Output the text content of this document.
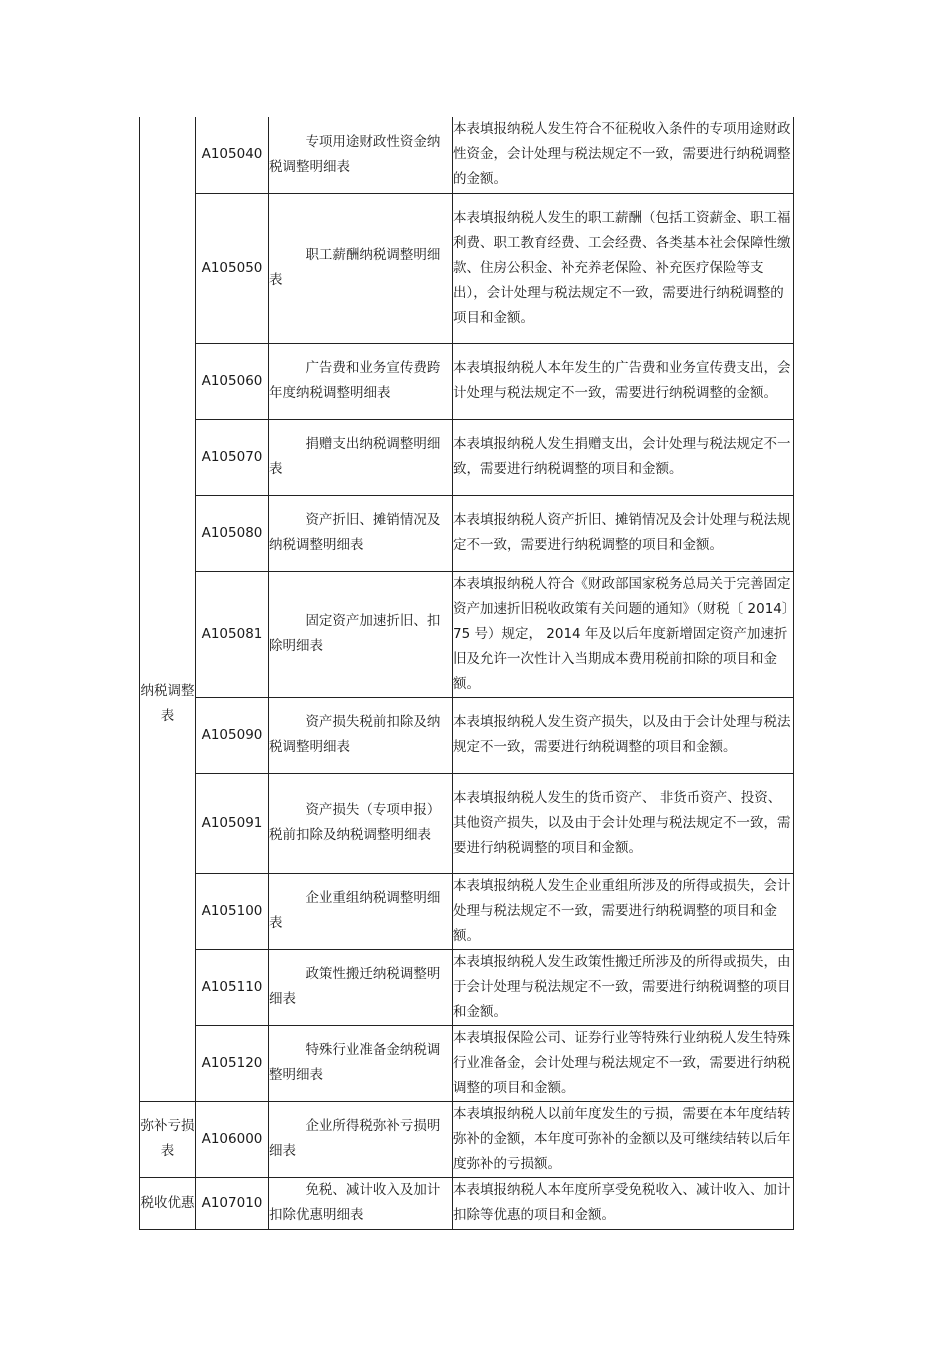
纳税调整表	A105040	专项用途财政性资金纳税调整明细表	本表填报纳税人发生符合不征税收入条件的专项用途财政性资金，会计处理与税法规定不一致，需要进行纳税调整的金额。
	A105050	职工薪酬纳税调整明细表	本表填报纳税人发生的职工薪酬（包括工资薪金、职工福利费、职工教育经费、工会经费、各类基本社会保障性缴款、住房公积金、补充养老保险、补充医疗保险等支出），会计处理与税法规定不一致，需要进行纳税调整的项目和金额。
	A105060	广告费和业务宣传费跨年度纳税调整明细表	本表填报纳税人本年发生的广告费和业务宣传费支出，会计处理与税法规定不一致，需要进行纳税调整的金额。
	A105070	捐赠支出纳税调整明细表	本表填报纳税人发生捐赠支出，会计处理与税法规定不一致，需要进行纳税调整的项目和金额。
	A105080	资产折旧、摊销情况及纳税调整明细表	本表填报纳税人资产折旧、摊销情况及会计处理与税法规定不一致，需要进行纳税调整的项目和金额。
	A105081	固定资产加速折旧、扣除明细表	本表填报纳税人符合《财政部国家税务总局关于完善固定资产加速折旧税收政策有关问题的通知》（财税〔 2014〕75 号）规定， 2014 年及以后年度新增固定资产加速折旧及允许一次性计入当期成本费用税前扣除的项目和金额。
	A105090	资产损失税前扣除及纳税调整明细表	本表填报纳税人发生资产损失，以及由于会计处理与税法规定不一致，需要进行纳税调整的项目和金额。
	A105091	资产损失（专项申报）税前扣除及纳税调整明细表	本表填报纳税人发生的货币资产、 非货币资产、投资、其他资产损失，以及由于会计处理与税法规定不一致，需要进行纳税调整的项目和金额。
	A105100	企业重组纳税调整明细表	本表填报纳税人发生企业重组所涉及的所得或损失，会计处理与税法规定不一致，需要进行纳税调整的项目和金额。
	A105110	政策性搬迁纳税调整明细表	本表填报纳税人发生政策性搬迁所涉及的所得或损失，由于会计处理与税法规定不一致，需要进行纳税调整的项目和金额。
	A105120	特殊行业准备金纳税调整明细表	本表填报保险公司、证券行业等特殊行业纳税人发生特殊行业准备金，会计处理与税法规定不一致，需要进行纳税调整的项目和金额。
弥补亏损表	A106000	企业所得税弥补亏损明细表	本表填报纳税人以前年度发生的亏损，需要在本年度结转弥补的金额，本年度可弥补的金额以及可继续结转以后年度弥补的亏损额。
税收优惠	A107010	免税、减计收入及加计扣除优惠明细表	本表填报纳税人本年度所享受免税收入、减计收入、加计扣除等优惠的项目和金额。
